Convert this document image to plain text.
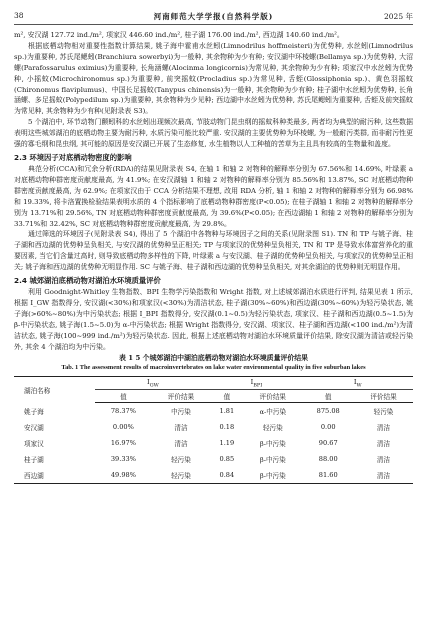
38	河南师范大学学报(自然科学版)	2025 年

m², 安汉湖 127.72 ind./m², 项家汉 446.60 ind./m², 桂子湖 176.00 ind./m², 西边湖 140.60 ind./m²。

根据底栖动物相对重要性指数计算结果, 姚子海中霍甫水丝蚓(Limnodrilus hoffmeisteri)为优势种, 水丝蚓(Limnodrilus sp.)为重要种, 苏氏尾鳃蚓(Branchiura sowerbyi)为一般种, 其余物种为少有种; 安汉湖中环棱螺(Bellamya sp.)为优势种, 大沼螺(Parafossarulus eximius)为重要种, 长角涵螺(Alocinma longicornis)为常见种, 其余物种为少有种; 项家汉中水丝蚓为优势种, 小摇蚊(Microchironomus sp.)为重要种, 前突摇蚊(Procladius sp.)为常见种, 舌蛭(Glossiphonia sp.)、黄色羽摇蚊(Chironomus flaviplumus)、中国长足摇蚊(Tanypus chinensis)为一般种, 其余物种为少有种; 桂子湖中水丝蚓为优势种, 长角涵螺、多足摇蚊(Polypedilum sp.)为重要种, 其余物种为少见种; 西边湖中水丝蚓为优势种, 苏氏尾鳃蚓为重要种, 舌蛭及前突摇蚊为常见种, 其余物种为少有种(见附录表 S3)。

5 个湖泊中, 环节动物门颤蚓科的水丝蚓出现频次最高, 节肢动物门昆虫纲的摇蚊科种类最多, 两者均为典型的耐污种, 这些数据表明这些城郊湖泊的底栖动物主要为耐污种, 水质污染可能比较严重. 安汉湖的主要优势种为环棱螺, 为一般耐污类群, 而非耐污性更强的寡毛纲和昆虫纲, 其可能的原因是安汉湖已开展了生态修复, 水生植物以人工种植的苦草为主且具有较高的生物量和盖度。

2.3 环境因子对底栖动物密度的影响

典范分析(CCA)和冗余分析(RDA)的结果见附录表 S4, 在轴 1 和轴 2 对物种的解释率分别为 67.56%和 14.69%, 叶绿素 a 对底栖动物种群密度贡献度最高, 为 41.9%; 在安汉湖轴 1 和轴 2 对物种的解释率分别为 85.56%和 13.87%, SC 对底栖动物种群密度贡献度最高, 为 62.9%; 在项家汉由于 CCA 分析结果不理想, 改用 RDA 分析, 轴 1 和轴 2 对物种的解释率分别为 66.98%和 19.33%, 将卡洛置换检验结果表明水质的 4 个指标影响了底栖动物种群密度(P<0.05); 在桂子湖轴 1 和轴 2 对物种的解释率分别为 13.71%和 29.56%, TN 对底栖动物种群密度贡献度最高, 为 39.6%(P<0.05); 在西边湖轴 1 和轴 2 对物种的解释率分别为 33.71%和 32.42%, SC 对底栖动物种群密度贡献度最高, 为 29.8%。

通过筛选的环境因子(见附录表 S4), 得出了 5 个湖泊中各物种与环境因子之间的关系(见附录图 S1). TN 和 TP 与姚子海、桂子湖和西边湖的优势种呈负相关, 与安汉湖的优势种呈正相关; TP 与项家汉的优势种呈负相关, TN 和 TP 是导致水体富营养化的重要因素, 当它们含量过高时, 则导致底栖动物多样性的下降, 叶绿素 a 与安汉湖、桂子湖的优势种呈负相关, 与项家汉的优势种呈正相关; 姚子海和西边湖的优势种无明显作用. SC 与姚子海、桂子湖和西边湖的优势种呈负相关, 对其余湖泊的优势种则无明显作用。

2.4 城郊湖泊底栖动物对湖泊水环境质量评价

利用 Goodnight-Whitley 生物指数、BPI 生物学污染指数和 Wright 指数, 对上述城郊湖泊水质进行评判, 结果见表 1 所示, 根据 I_GW 指数得分, 安汉湖(<30%)和项家汉(<30%)为清洁状态, 桂子湖(30%~60%)和西边湖(30%~60%)为轻污染状态, 姚子海(>60%~80%)为中污染状态; 根据 I_BPI 指数得分, 安汉湖(0.1~0.5)为轻污染状态, 项家汉、桂子湖和西边湖(0.5~1.5)为 β-中污染状态, 姚子海(1.5~5.0)为 α-中污染状态; 根据 Wright 指数得分, 安汉湖、项家汉、桂子湖和西边湖(<100 ind./m²)为清洁状态, 姚子海(100~999 ind./m²)为轻污染状态. 因此, 根据上述底栖动物对湖泊水环境质量评价结果, 除安汉湖为清洁或轻污染外, 其余 4 个湖泊均为中污染。

表 1 5 个城郊湖泊中湖泊底栖动物对湖泊水环境质量评价结果
Tab. 1 The assessment results of macroinvertebrates on lake water environmental quality in five suburban lakes
湖泊名称	$I_{GW}$		$I_{BPI}$		$I_W$
	值	评价结果	值	评价结果	值	评价结果
姚子海	78.37%	中污染	1.81	α-中污染	875.08	轻污染
安汉湖	0.00%	清洁	0.18	轻污染	0.00	清洁
项家汉	16.97%	清洁	1.19	β-中污染	90.67	清洁
桂子湖	39.33%	轻污染	0.85	β-中污染	88.00	清洁
西边湖	49.98%	轻污染	0.84	β-中污染	81.60	清洁
